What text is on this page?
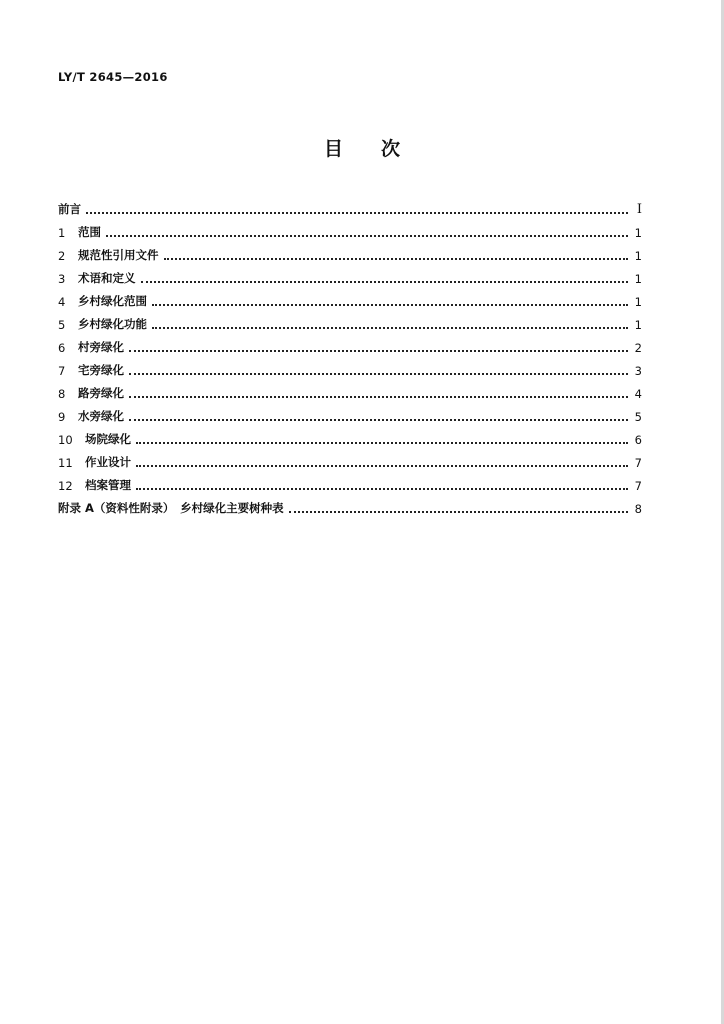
LY/T 2645—2016
目 次
前言	Ⅰ
1	范围	1
2	规范性引用文件	1
3	术语和定义	1
4	乡村绿化范围	1
5	乡村绿化功能	1
6	村旁绿化	2
7	宅旁绿化	3
8	路旁绿化	4
9	水旁绿化	5
10	场院绿化	6
11	作业设计	7
12	档案管理	7
附录 A（资料性附录）　乡村绿化主要树种表	8
